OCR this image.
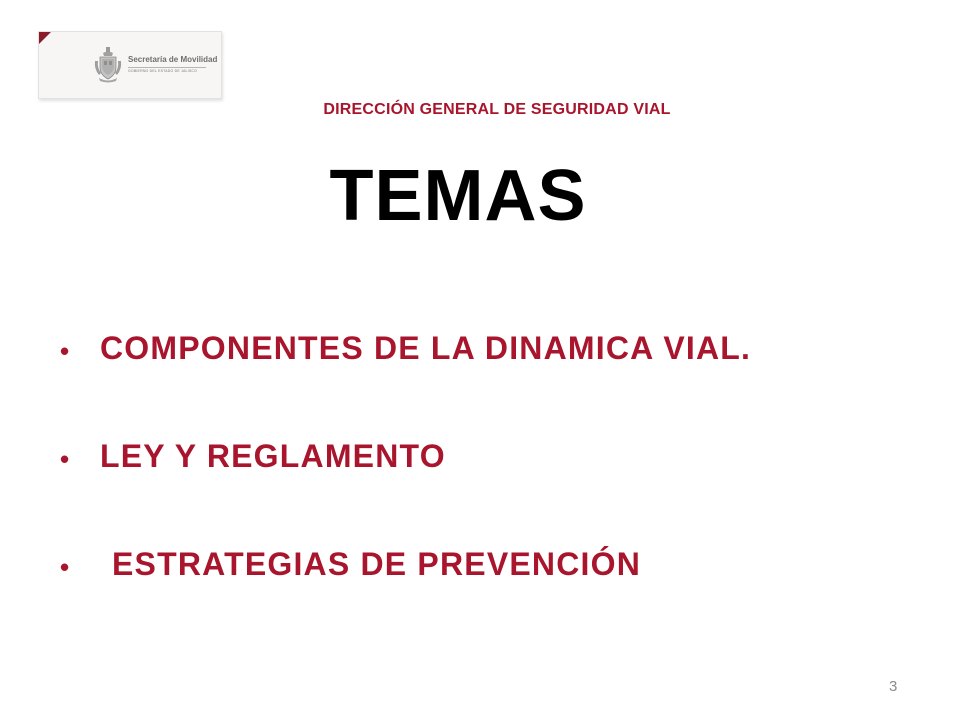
Secretaría de Movilidad
GOBIERNO DEL ESTADO DE JALISCO
DIRECCIÓN GENERAL DE SEGURIDAD VIAL
TEMAS
• COMPONENTES DE LA DINAMICA VIAL.
• LEY Y REGLAMENTO
• ESTRATEGIAS DE PREVENCIÓN
3
